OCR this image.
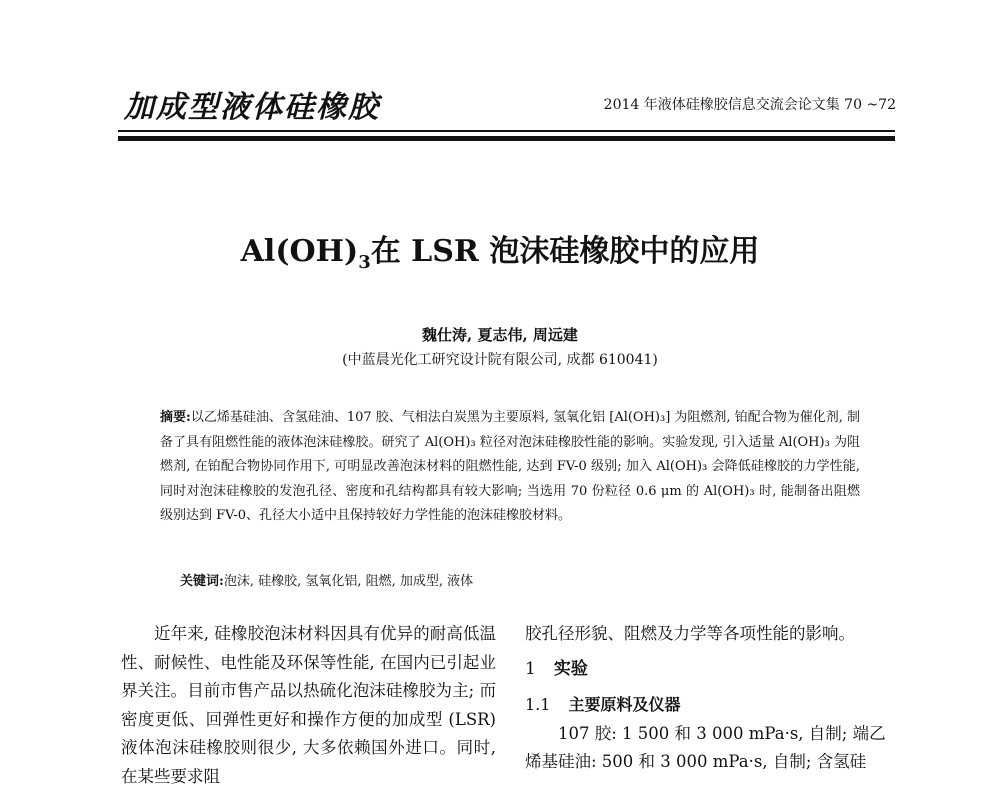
加成型液体硅橡胶	2014 年液体硅橡胶信息交流会论文集 70 ~72
$Al(OH)_3$在 LSR 泡沫硅橡胶中的应用
魏仕涛, 夏志伟, 周远建
(中蓝晨光化工研究设计院有限公司, 成都 610041)
摘要:以乙烯基硅油、含氢硅油、107 胶、气相法白炭黑为主要原料, 氢氧化铝 [Al(OH)₃] 为阻燃剂, 铂配合物为催化剂, 制备了具有阻燃性能的液体泡沫硅橡胶。研究了 Al(OH)₃ 粒径对泡沫硅橡胶性能的影响。实验发现, 引入适量 Al(OH)₃ 为阻燃剂, 在铂配合物协同作用下, 可明显改善泡沫材料的阻燃性能, 达到 FV-0 级别; 加入 Al(OH)₃ 会降低硅橡胶的力学性能, 同时对泡沫硅橡胶的发泡孔径、密度和孔结构都具有较大影响; 当选用 70 份粒径 0.6 μm 的 Al(OH)₃ 时, 能制备出阻燃级别达到 FV-0、孔径大小适中且保持较好力学性能的泡沫硅橡胶材料。
关键词:泡沫, 硅橡胶, 氢氧化铝, 阻燃, 加成型, 液体

近年来, 硅橡胶泡沫材料因具有优异的耐高低温性、耐候性、电性能及环保等性能, 在国内已引起业界关注。目前市售产品以热硫化泡沫硅橡胶为主; 而密度更低、回弹性更好和操作方便的加成型 (LSR) 液体泡沫硅橡胶则很少, 大多依赖国外进口。同时, 在某些要求阻

胶孔径形貌、阻燃及力学等各项性能的影响。

1 实验
1.1 主要原料及仪器

107 胶: 1 500 和 3 000 mPa·s, 自制; 端乙烯基硅油: 500 和 3 000 mPa·s, 自制; 含氢硅
